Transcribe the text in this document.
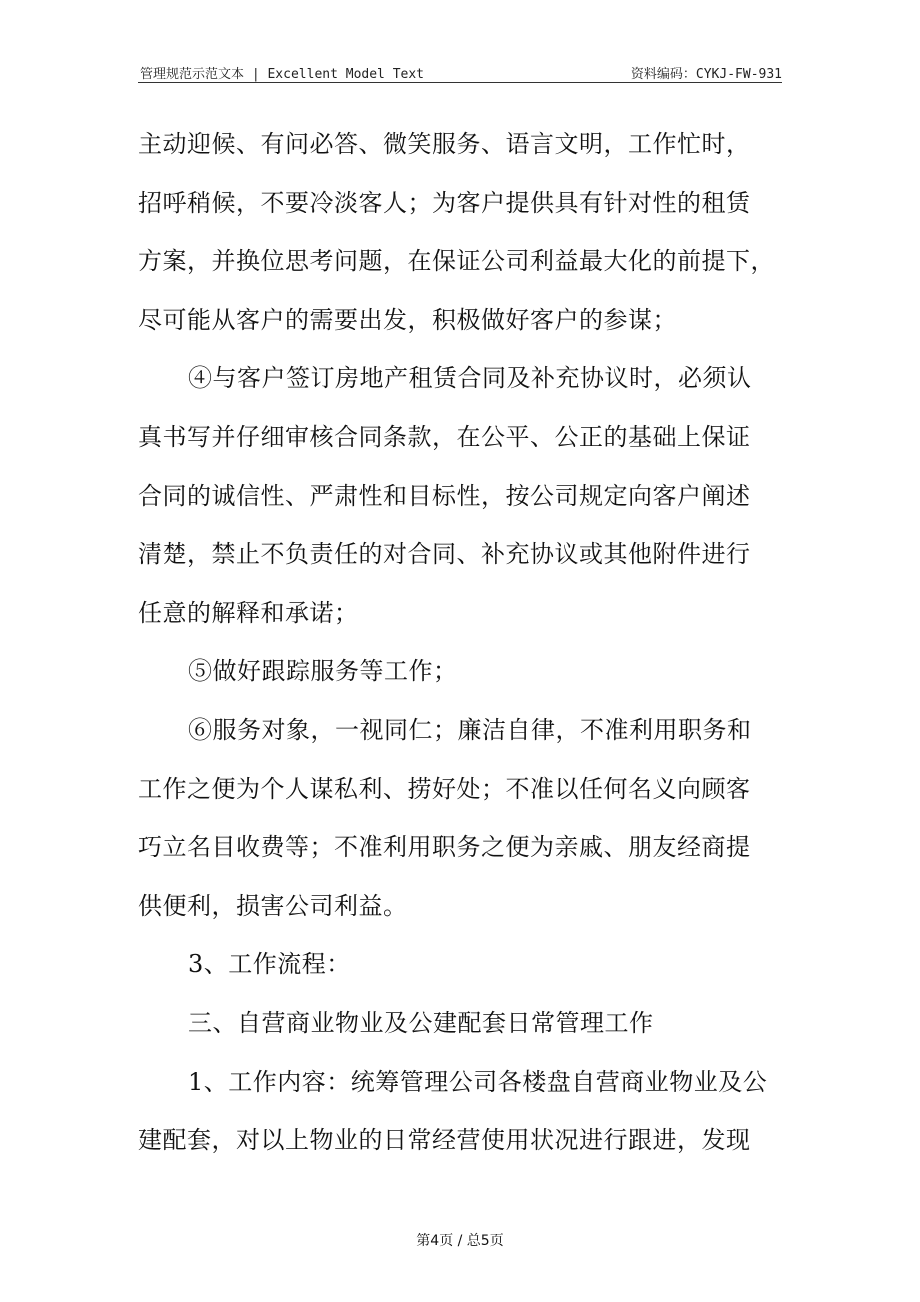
管理规范示范文本 | Excellent Model Text	资料编码：CYKJ-FW-931
主动迎候、有问必答、微笑服务、语言文明，工作忙时，
招呼稍候，不要冷淡客人；为客户提供具有针对性的租赁
方案，并换位思考问题，在保证公司利益最大化的前提下，
尽可能从客户的需要出发，积极做好客户的参谋；
④与客户签订房地产租赁合同及补充协议时，必须认
真书写并仔细审核合同条款，在公平、公正的基础上保证
合同的诚信性、严肃性和目标性，按公司规定向客户阐述
清楚，禁止不负责任的对合同、补充协议或其他附件进行
任意的解释和承诺；
⑤做好跟踪服务等工作；
⑥服务对象，一视同仁；廉洁自律，不准利用职务和
工作之便为个人谋私利、捞好处；不准以任何名义向顾客
巧立名目收费等；不准利用职务之便为亲戚、朋友经商提
供便利，损害公司利益。
3、工作流程：
三、自营商业物业及公建配套日常管理工作
1、工作内容：统筹管理公司各楼盘自营商业物业及公
建配套，对以上物业的日常经营使用状况进行跟进，发现
第4页 / 总5页
